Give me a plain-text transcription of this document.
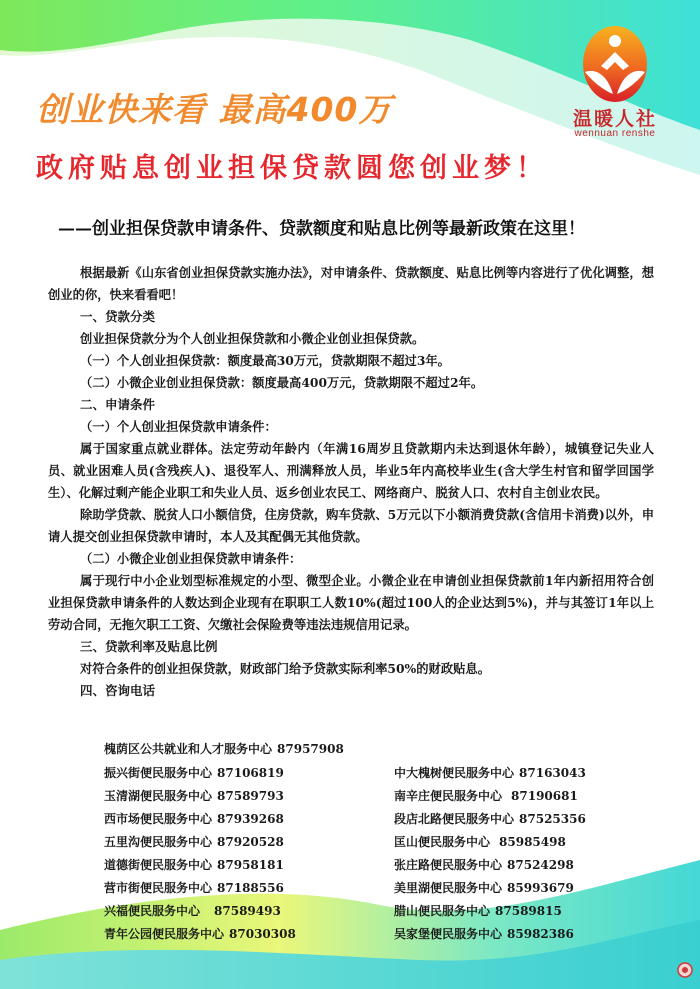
创业快来看 最高400万
政府贴息创业担保贷款圆您创业梦！
温暖人社
wennuan renshe
——创业担保贷款申请条件、贷款额度和贴息比例等最新政策在这里！

根据最新《山东省创业担保贷款实施办法》，对申请条件、贷款额度、贴息比例等内容进行了优化调整，想创业的你，快来看看吧！

一、贷款分类

创业担保贷款分为个人创业担保贷款和小微企业创业担保贷款。

（一）个人创业担保贷款：额度最高30万元，贷款期限不超过3年。

（二）小微企业创业担保贷款：额度最高400万元，贷款期限不超过2年。

二、申请条件

（一）个人创业担保贷款申请条件：

属于国家重点就业群体。法定劳动年龄内（年满16周岁且贷款期内未达到退休年龄），城镇登记失业人员、就业困难人员(含残疾人)、退役军人、刑满释放人员，毕业5年内高校毕业生(含大学生村官和留学回国学生）、化解过剩产能企业职工和失业人员、返乡创业农民工、网络商户、脱贫人口、农村自主创业农民。

除助学贷款、脱贫人口小额信贷，住房贷款，购车贷款、5万元以下小额消费贷款(含信用卡消费)以外，申请人提交创业担保贷款申请时，本人及其配偶无其他贷款。

（二）小微企业创业担保贷款申请条件：

属于现行中小企业划型标准规定的小型、微型企业。小微企业在申请创业担保贷款前1年内新招用符合创业担保贷款申请条件的人数达到企业现有在职职工人数10%(超过100人的企业达到5%)，并与其签订1年以上劳动合同，无拖欠职工工资、欠缴社会保险费等违法违规信用记录。

三、贷款利率及贴息比例

对符合条件的创业担保贷款，财政部门给予贷款实际利率50%的财政贴息。

四、咨询电话

槐荫区公共就业和人才服务中心 87957908
振兴街便民服务中心 87106819
玉清湖便民服务中心 87589793
西市场便民服务中心 87939268
五里沟便民服务中心 87920528
道德街便民服务中心 87958181
营市街便民服务中心 87188556
兴福便民服务中心 87589493
青年公园便民服务中心 87030308
中大槐树便民服务中心 87163043
南辛庄便民服务中心 87190681
段店北路便民服务中心 87525356
匡山便民服务中心 85985498
张庄路便民服务中心 87524298
美里湖便民服务中心 85993679
腊山便民服务中心 87589815
吴家堡便民服务中心 85982386
